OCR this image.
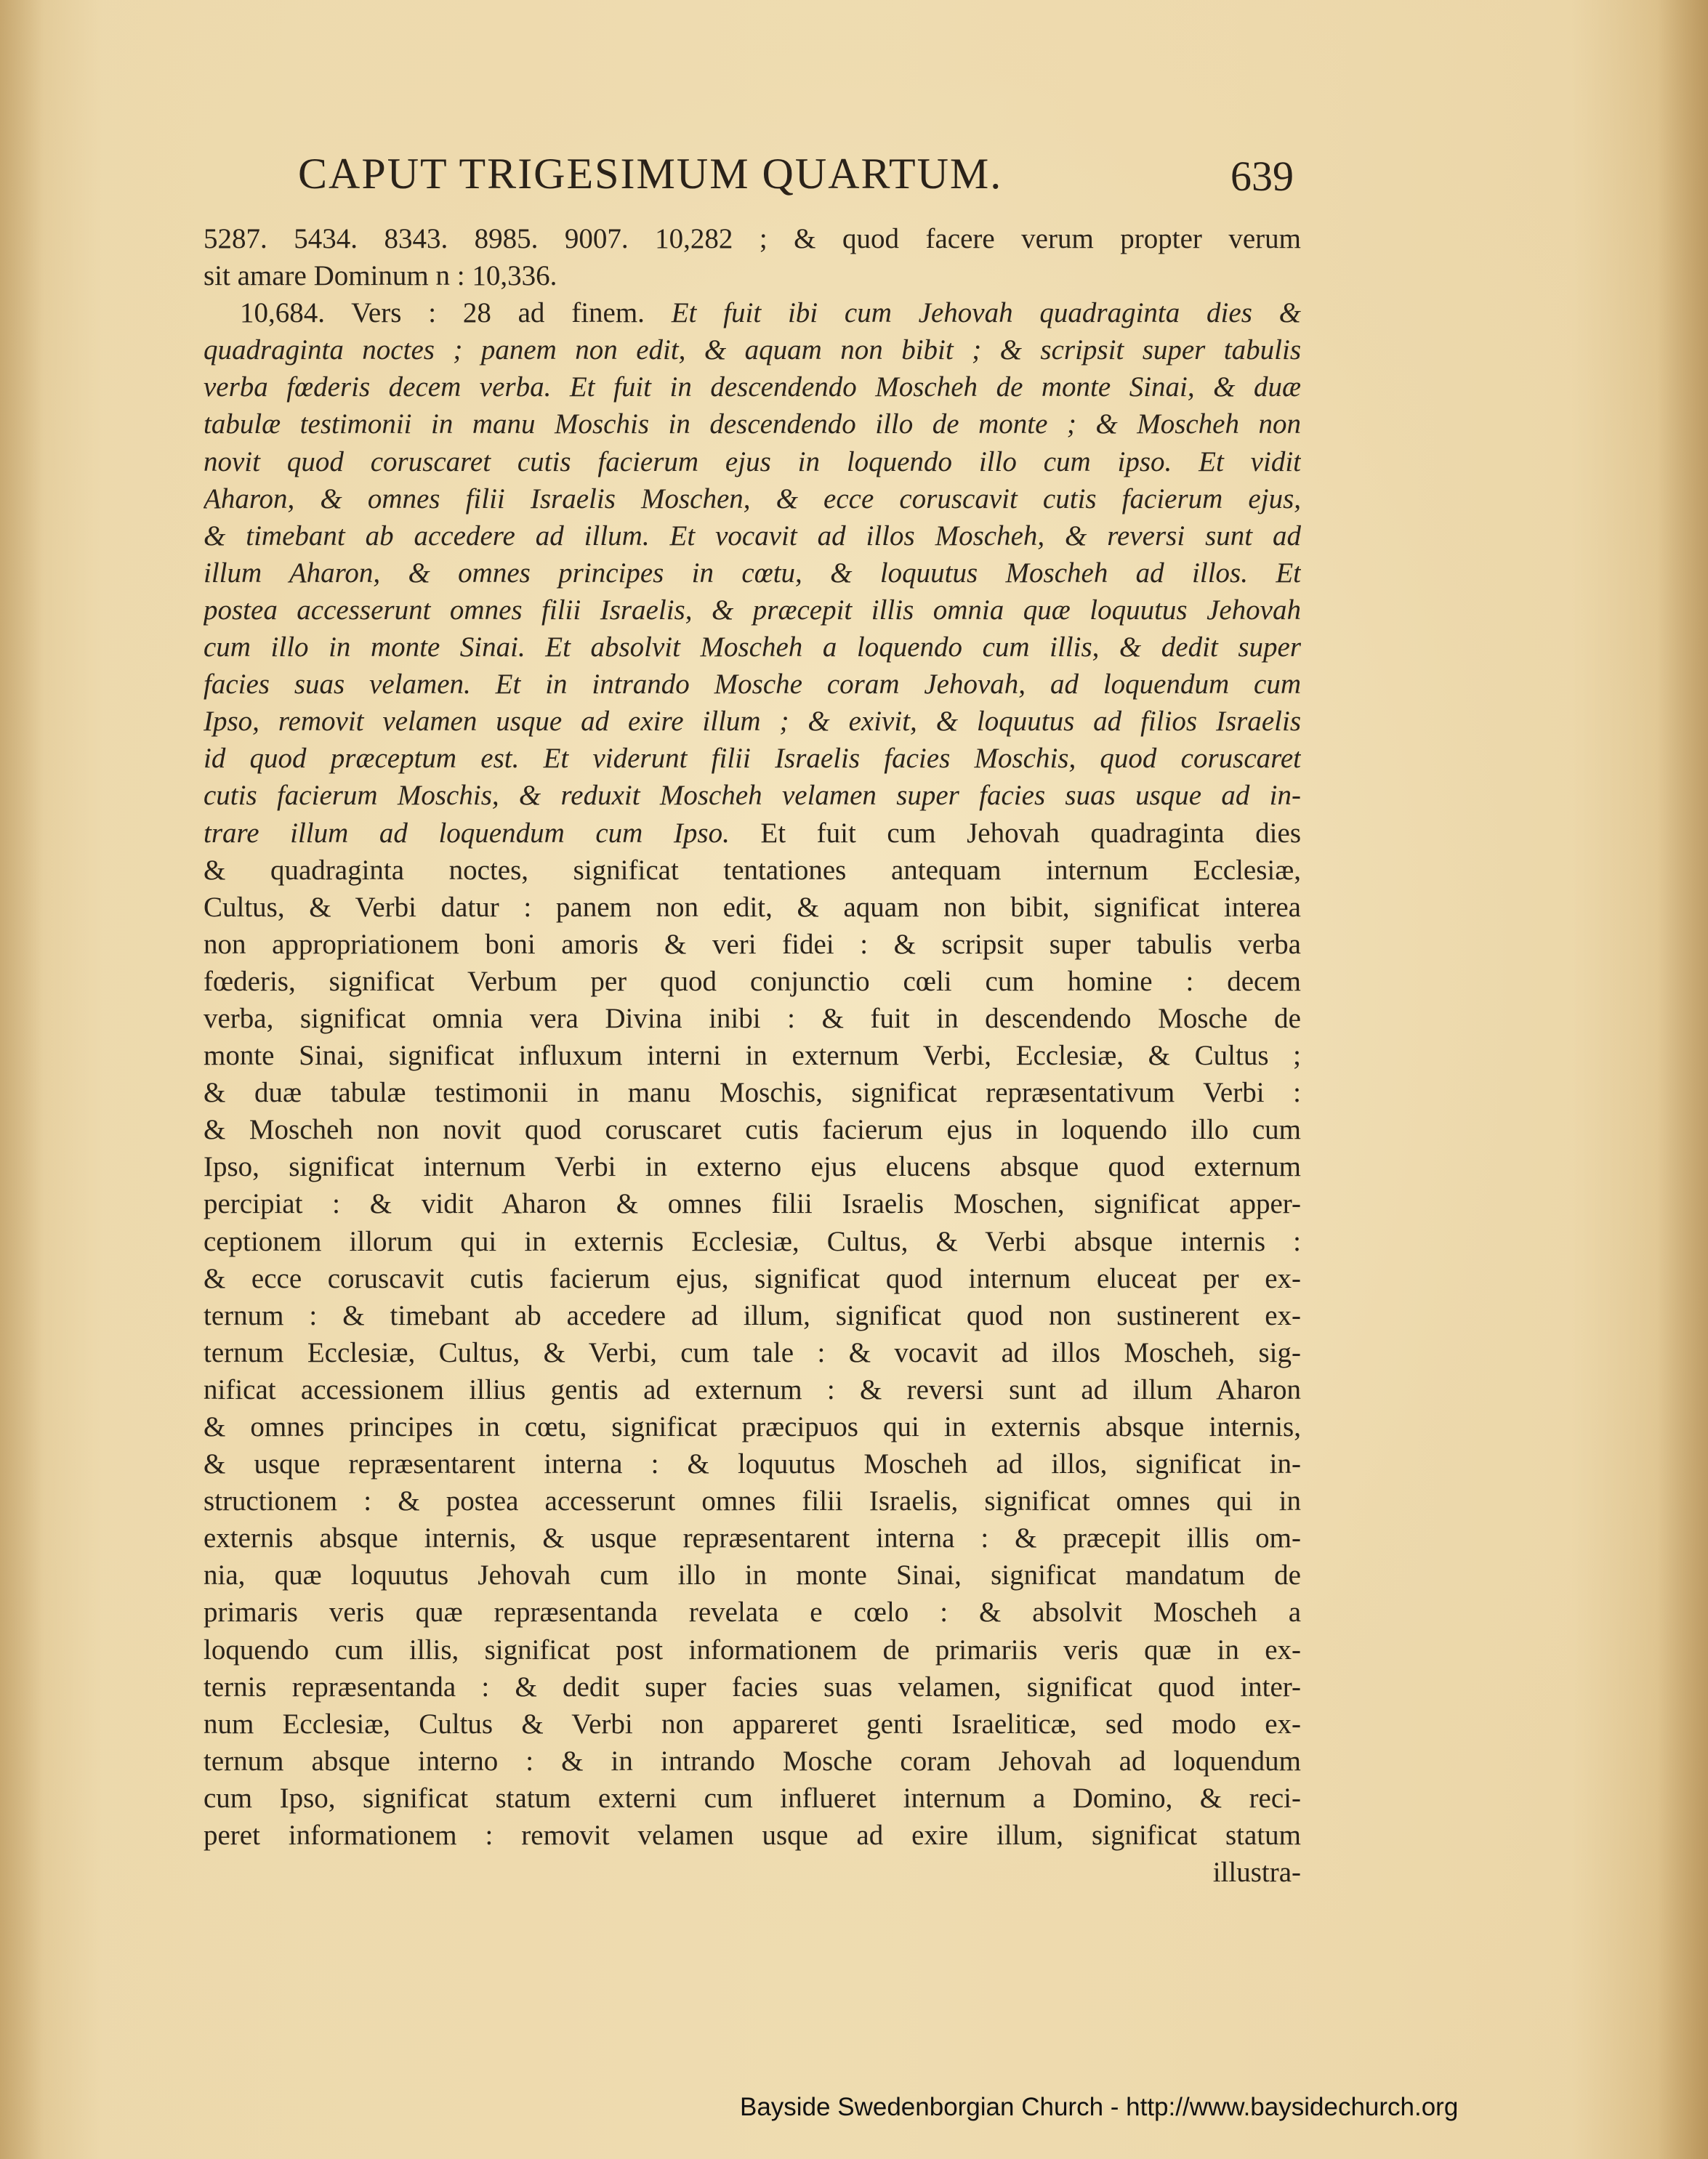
CAPUT TRIGESIMUM QUARTUM.	639
5287. 5434. 8343. 8985. 9007. 10,282 ; & quod facere verum propter verum
sit amare Dominum n : 10,336.
10,684. Vers : 28 ad finem. Et fuit ibi cum Jehovah quadraginta dies &
quadraginta noctes ; panem non edit, & aquam non bibit ; & scripsit super tabulis
verba fœderis decem verba. Et fuit in descendendo Moscheh de monte Sinai, & duæ
tabulæ testimonii in manu Moschis in descendendo illo de monte ; & Moscheh non
novit quod coruscaret cutis facierum ejus in loquendo illo cum ipso. Et vidit
Aharon, & omnes filii Israelis Moschen, & ecce coruscavit cutis facierum ejus,
& timebant ab accedere ad illum. Et vocavit ad illos Moscheh, & reversi sunt ad
illum Aharon, & omnes principes in cœtu, & loquutus Moscheh ad illos. Et
postea accesserunt omnes filii Israelis, & præcepit illis omnia quæ loquutus Jehovah
cum illo in monte Sinai. Et absolvit Moscheh a loquendo cum illis, & dedit super
facies suas velamen. Et in intrando Mosche coram Jehovah, ad loquendum cum
Ipso, removit velamen usque ad exire illum ; & exivit, & loquutus ad filios Israelis
id quod præceptum est. Et viderunt filii Israelis facies Moschis, quod coruscaret
cutis facierum Moschis, & reduxit Moscheh velamen super facies suas usque ad in-
trare illum ad loquendum cum Ipso. Et fuit cum Jehovah quadraginta dies
& quadraginta noctes, significat tentationes antequam internum Ecclesiæ,
Cultus, & Verbi datur : panem non edit, & aquam non bibit, significat interea
non appropriationem boni amoris & veri fidei : & scripsit super tabulis verba
fœderis, significat Verbum per quod conjunctio cœli cum homine : decem
verba, significat omnia vera Divina inibi : & fuit in descendendo Mosche de
monte Sinai, significat influxum interni in externum Verbi, Ecclesiæ, & Cultus ;
& duæ tabulæ testimonii in manu Moschis, significat repræsentativum Verbi :
& Moscheh non novit quod coruscaret cutis facierum ejus in loquendo illo cum
Ipso, significat internum Verbi in externo ejus elucens absque quod externum
percipiat : & vidit Aharon & omnes filii Israelis Moschen, significat apper-
ceptionem illorum qui in externis Ecclesiæ, Cultus, & Verbi absque internis :
& ecce coruscavit cutis facierum ejus, significat quod internum eluceat per ex-
ternum : & timebant ab accedere ad illum, significat quod non sustinerent ex-
ternum Ecclesiæ, Cultus, & Verbi, cum tale : & vocavit ad illos Moscheh, sig-
nificat accessionem illius gentis ad externum : & reversi sunt ad illum Aharon
& omnes principes in cœtu, significat præcipuos qui in externis absque internis,
& usque repræsentarent interna : & loquutus Moscheh ad illos, significat in-
structionem : & postea accesserunt omnes filii Israelis, significat omnes qui in
externis absque internis, & usque repræsentarent interna : & præcepit illis om-
nia, quæ loquutus Jehovah cum illo in monte Sinai, significat mandatum de
primaris veris quæ repræsentanda revelata e cœlo : & absolvit Moscheh a
loquendo cum illis, significat post informationem de primariis veris quæ in ex-
ternis repræsentanda : & dedit super facies suas velamen, significat quod inter-
num Ecclesiæ, Cultus & Verbi non appareret genti Israeliticæ, sed modo ex-
ternum absque interno : & in intrando Mosche coram Jehovah ad loquendum
cum Ipso, significat statum externi cum influeret internum a Domino, & reci-
peret informationem : removit velamen usque ad exire illum, significat statum
illustra-
Bayside Swedenborgian Church - http://www.baysidechurch.org
